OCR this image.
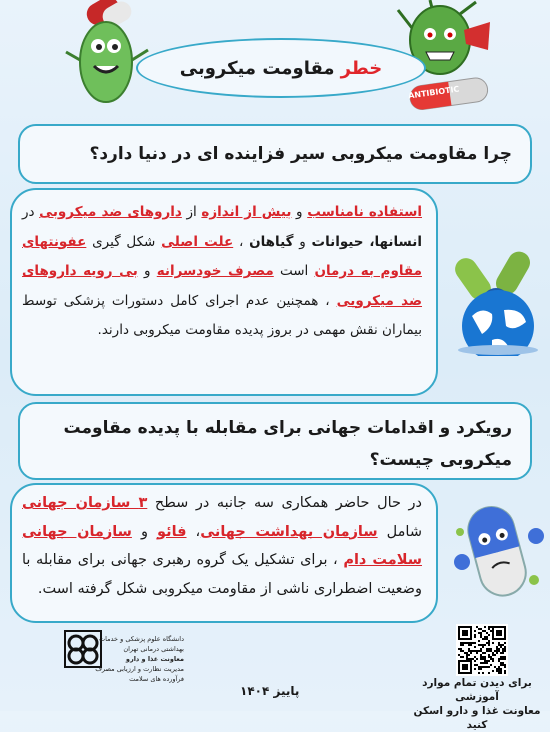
ANTIBIOTIC
خطر
مقاومت میکروبی
چرا مقاومت میکروبی سیر فزاینده ای در دنیا دارد؟
استفاده نامناسب و بیش از اندازه از داروهای ضد میکروبی در انسانها، حیوانات و گیاهان ، علت اصلی شکل گیری عفونتهای مقاوم به درمان است مصرف خودسرانه و بی رویه داروهای ضد میکروبی ، همچنین عدم اجرای کامل دستورات پزشکی توسط بیماران نقش مهمی در بروز پدیده مقاومت میکروبی دارند.
رویکرد و اقدامات جهانی برای مقابله با پدیده مقاومت میکروبی چیست؟
در حال حاضر همکاری سه جانبه در سطح ۳ سازمان جهانی شامل سازمان بهداشت جهانی، فائو و سازمان جهانی سلامت دام ، برای تشکیل یک گروه رهبری جهانی برای مقابله با وضعیت اضطراری ناشی از مقاومت میکروبی شکل گرفته است.
دانشگاه علوم پزشکی و خدمات بهداشتی درمانی تهران
معاونت غذا و دارو
مدیریت نظارت و ارزیابی مصرف فرآورده های سلامت
پاییز ۱۴۰۴
برای دیدن تمام موارد آموزشی
معاونت غذا و دارو اسکن کنید
